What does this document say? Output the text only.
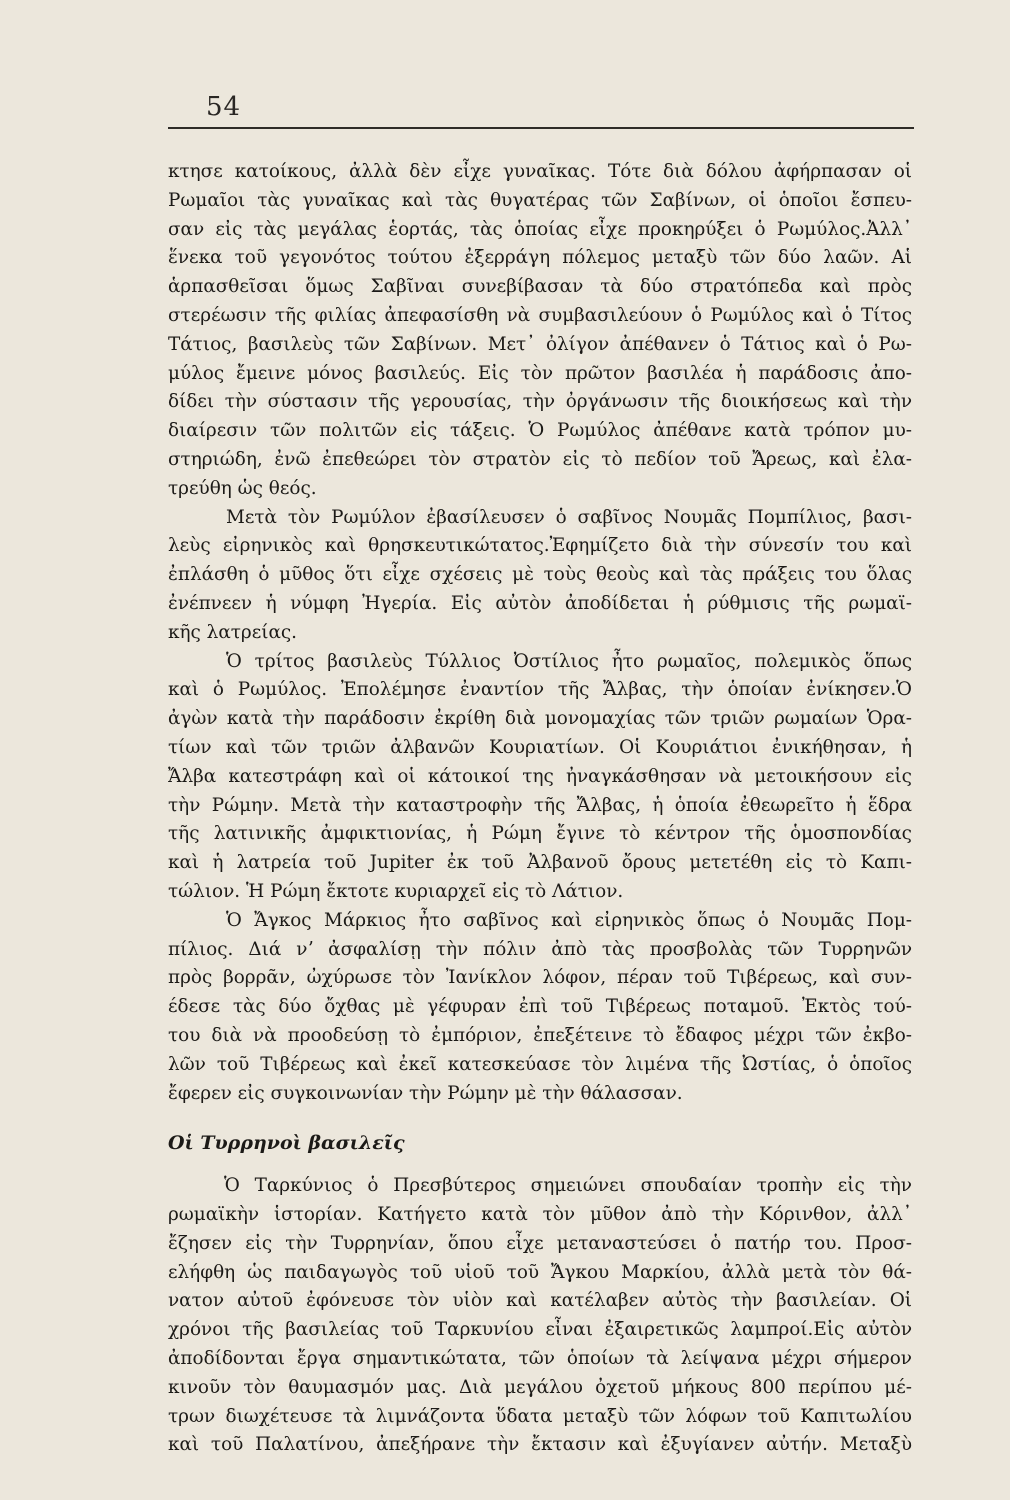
54
κτησε κατοίκους, ἀλλὰ δὲν εἶχε γυναῖκας. Τότε διὰ δόλου ἀφήρπασαν οἱ
Ρωμαῖοι τὰς γυναῖκας καὶ τὰς θυγατέρας τῶν Σαβίνων, οἱ ὁποῖοι ἔσπευ-
σαν εἰς τὰς μεγάλας ἑορτάς, τὰς ὁποίας εἶχε προκηρύξει ὁ Ρωμύλος.Ἀλλ᾽
ἕνεκα τοῦ γεγονότος τούτου ἐξερράγη πόλεμος μεταξὺ τῶν δύο λαῶν. Αἱ
ἁρπασθεῖσαι ὅμως Σαβῖναι συνεβίβασαν τὰ δύο στρατόπεδα καὶ πρὸς
στερέωσιν τῆς φιλίας ἀπεφασίσθη νὰ συμβασιλεύουν ὁ Ρωμύλος καὶ ὁ Τίτος
Τάτιος, βασιλεὺς τῶν Σαβίνων. Μετ᾽ ὀλίγον ἀπέθανεν ὁ Τάτιος καὶ ὁ Ρω-
μύλος ἔμεινε μόνος βασιλεύς. Εἰς τὸν πρῶτον βασιλέα ἡ παράδοσις ἀπο-
δίδει τὴν σύστασιν τῆς γερουσίας, τὴν ὀργάνωσιν τῆς διοικήσεως καὶ τὴν
διαίρεσιν τῶν πολιτῶν εἰς τάξεις. Ὁ Ρωμύλος ἀπέθανε κατὰ τρόπον μυ-
στηριώδη, ἐνῶ ἐπεθεώρει τὸν στρατὸν εἰς τὸ πεδίον τοῦ Ἄρεως, καὶ ἐλα-
τρεύθη ὡς θεός.
Μετὰ τὸν Ρωμύλον ἐβασίλευσεν ὁ σαβῖνος Νουμᾶς Πομπίλιος, βασι-
λεὺς εἰρηνικὸς καὶ θρησκευτικώτατος.Ἐφημίζετο διὰ τὴν σύνεσίν του καὶ
ἐπλάσθη ὁ μῦθος ὅτι εἶχε σχέσεις μὲ τοὺς θεοὺς καὶ τὰς πράξεις του ὅλας
ἐνέπνεεν ἡ νύμφη Ἠγερία. Εἰς αὐτὸν ἀποδίδεται ἡ ρύθμισις τῆς ρωμαϊ-
κῆς λατρείας.
Ὁ τρίτος βασιλεὺς Τύλλιος Ὀστίλιος ἦτο ρωμαῖος, πολεμικὸς ὅπως
καὶ ὁ Ρωμύλος. Ἐπολέμησε ἐναντίον τῆς Ἄλβας, τὴν ὁποίαν ἐνίκησεν.Ὁ
ἀγὼν κατὰ τὴν παράδοσιν ἐκρίθη διὰ μονομαχίας τῶν τριῶν ρωμαίων Ὁρα-
τίων καὶ τῶν τριῶν ἀλβανῶν Κουριατίων. Οἱ Κουριάτιοι ἐνικήθησαν, ἡ
Ἄλβα κατεστράφη καὶ οἱ κάτοικοί της ἠναγκάσθησαν νὰ μετοικήσουν εἰς
τὴν Ρώμην. Μετὰ τὴν καταστροφὴν τῆς Ἄλβας, ἡ ὁποία ἐθεωρεῖτο ἡ ἕδρα
τῆς λατινικῆς ἀμφικτιονίας, ἡ Ρώμη ἔγινε τὸ κέντρον τῆς ὁμοσπονδίας
καὶ ἡ λατρεία τοῦ Jupiter ἐκ τοῦ Ἀλβανοῦ ὄρους μετετέθη εἰς τὸ Καπι-
τώλιον. Ἡ Ρώμη ἔκτοτε κυριαρχεῖ εἰς τὸ Λάτιον.
Ὁ Ἄγκος Μάρκιος ἦτο σαβῖνος καὶ εἰρηνικὸς ὅπως ὁ Νουμᾶς Πομ-
πίλιος. Διά νʼ ἀσφαλίσῃ τὴν πόλιν ἀπὸ τὰς προσβολὰς τῶν Τυρρηνῶν
πρὸς βορρᾶν, ὠχύρωσε τὸν Ἰανίκλον λόφον, πέραν τοῦ Τιβέρεως, καὶ συν-
έδεσε τὰς δύο ὄχθας μὲ γέφυραν ἐπὶ τοῦ Τιβέρεως ποταμοῦ. Ἐκτὸς τού-
του διὰ νὰ προοδεύσῃ τὸ ἐμπόριον, ἐπεξέτεινε τὸ ἔδαφος μέχρι τῶν ἐκβο-
λῶν τοῦ Τιβέρεως καὶ ἐκεῖ κατεσκεύασε τὸν λιμένα τῆς Ὠστίας, ὁ ὁποῖος
ἔφερεν εἰς συγκοινωνίαν τὴν Ρώμην μὲ τὴν θάλασσαν.
Οἱ Τυρρηνοὶ βασιλεῖς
Ὁ Ταρκύνιος ὁ Πρεσβύτερος σημειώνει σπουδαίαν τροπὴν εἰς τὴν
ρωμαϊκὴν ἱστορίαν. Κατήγετο κατὰ τὸν μῦθον ἀπὸ τὴν Κόρινθον, ἀλλ᾽
ἔζησεν εἰς τὴν Τυρρηνίαν, ὅπου εἶχε μεταναστεύσει ὁ πατήρ του. Προσ-
ελήφθη ὡς παιδαγωγὸς τοῦ υἱοῦ τοῦ Ἄγκου Μαρκίου, ἀλλὰ μετὰ τὸν θά-
νατον αὐτοῦ ἐφόνευσε τὸν υἱὸν καὶ κατέλαβεν αὐτὸς τὴν βασιλείαν. Οἱ
χρόνοι τῆς βασιλείας τοῦ Ταρκυνίου εἶναι ἐξαιρετικῶς λαμπροί.Εἰς αὐτὸν
ἀποδίδονται ἔργα σημαντικώτατα, τῶν ὁποίων τὰ λείψανα μέχρι σήμερον
κινοῦν τὸν θαυμασμόν μας. Διὰ μεγάλου ὀχετοῦ μήκους 800 περίπου μέ-
τρων διωχέτευσε τὰ λιμνάζοντα ὕδατα μεταξὺ τῶν λόφων τοῦ Καπιτωλίου
καὶ τοῦ Παλατίνου, ἀπεξήρανε τὴν ἔκτασιν καὶ ἐξυγίανεν αὐτήν. Μεταξὺ
